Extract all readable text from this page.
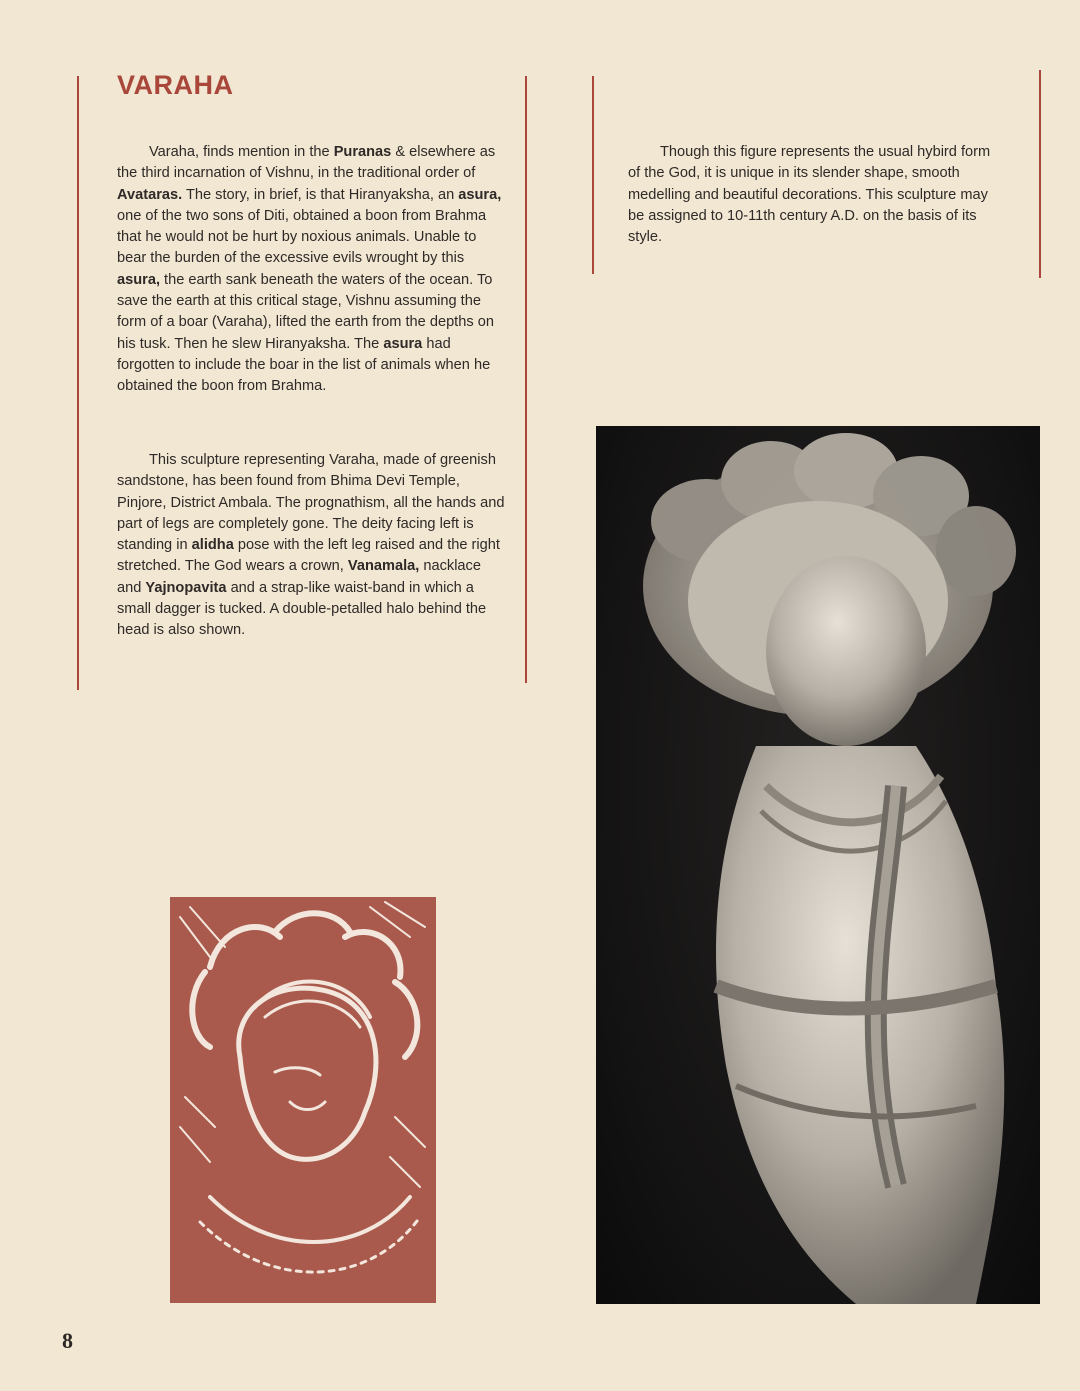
VARAHA

Varaha, finds mention in the Puranas & elsewhere as the third incarnation of Vishnu, in the traditional order of Avataras. The story, in brief, is that Hiranyaksha, an asura, one of the two sons of Diti, obtained a boon from Brahma that he would not be hurt by noxious animals. Unable to bear the burden of the excessive evils wrought by this asura, the earth sank beneath the waters of the ocean. To save the earth at this critical stage, Vishnu assuming the form of a boar (Varaha), lifted the earth from the depths on his tusk. Then he slew Hiranyaksha. The asura had forgotten to include the boar in the list of animals when he obtained the boon from Brahma.

This sculpture representing Varaha, made of greenish sandstone, has been found from Bhima Devi Temple, Pinjore, District Ambala. The prognathism, all the hands and part of legs are completely gone. The deity facing left is standing in alidha pose with the left leg raised and the right stretched. The God wears a crown, Vanamala, nacklace and Yajnopavita and a strap-like waist-band in which a small dagger is tucked. A double-petalled halo behind the head is also shown.

Though this figure represents the usual hybird form of the God, it is unique in its slender shape, smooth medelling and beautiful decorations. This sculpture may be assigned to 10-11th century A.D. on the basis of its style.

8
